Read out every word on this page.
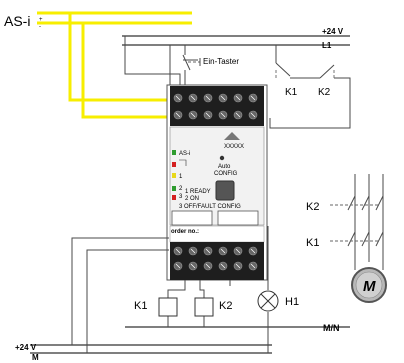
AS-i +
-	+24 V
L1
Ein-Taster
K1 K2
XXXXX
Auto
CONFIG
AS-i
1
2
3
1 READY
2 ON
3 OFF/FAULT CONFIG
order no.:
+24 V
M
M/N
K1	K2	H1
M
K2
K1
